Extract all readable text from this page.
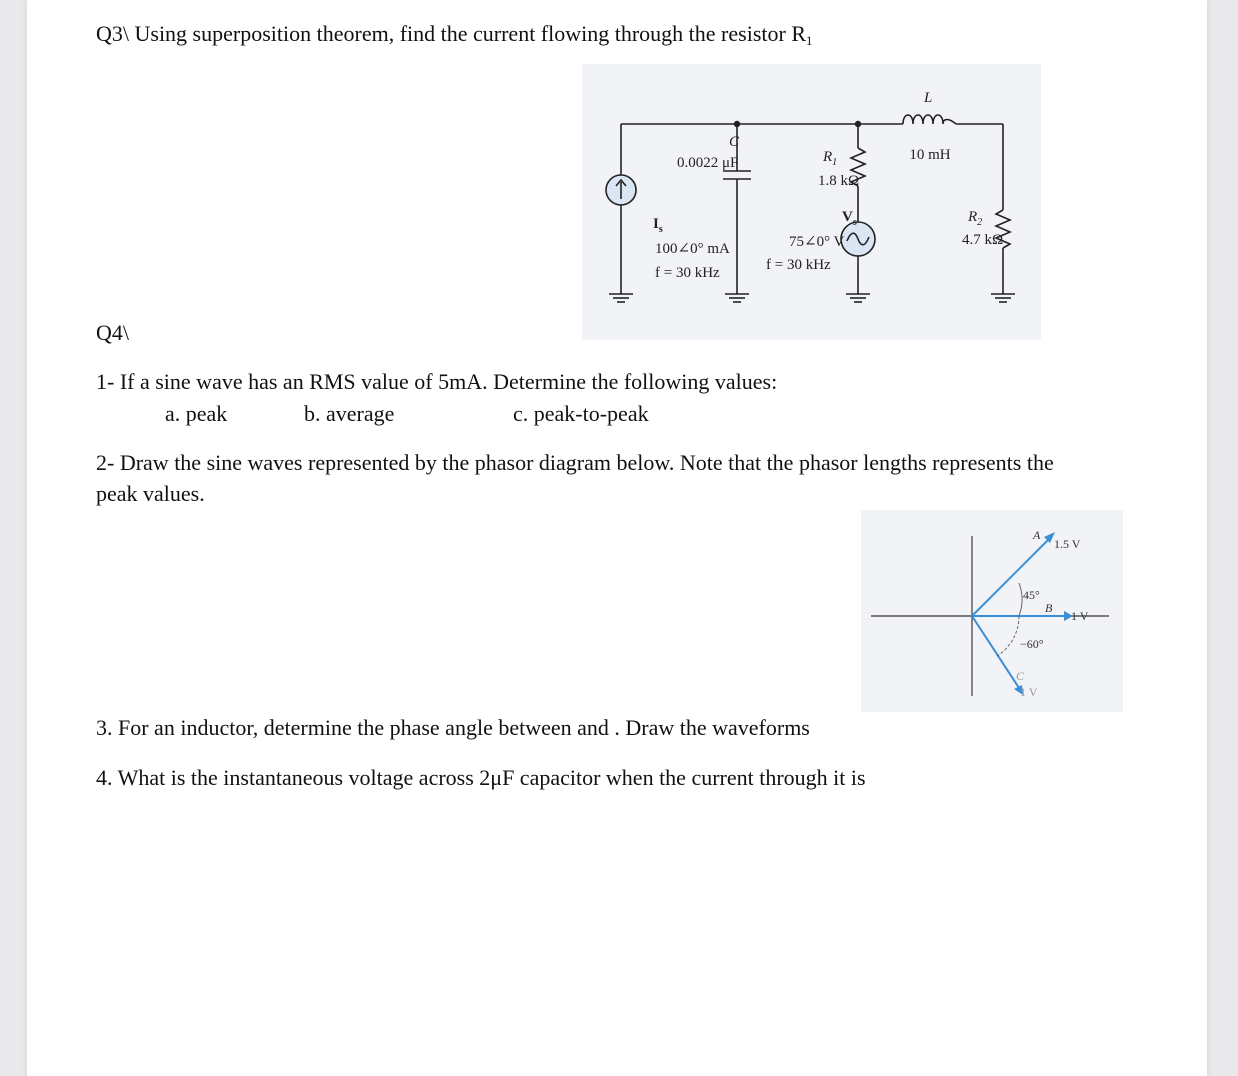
Q3\ Using superposition theorem, find the current flowing through the resistor $R_1$
L
10 mH
C
0.0022 μF	$R_1$
1.8 kΩ
$R_2$
4.7 kΩ
$I_s$
100∠0° mA
f = 30 kHz
$V_s$
75∠0° V
f = 30 kHz
Q4\
1- If a sine wave has an RMS value of 5mA. Determine the following values:
a. peak	b. average	c. peak-to-peak
2- Draw the sine waves represented by the phasor diagram below. Note that the phasor lengths represents the
peak values.
A
1.5 V
B
1 V
C
1 V
45°
−60°
3. For an inductor, determine the phase angle between and . Draw the waveforms
4. What is the instantaneous voltage across 2μF capacitor when the current through it is
